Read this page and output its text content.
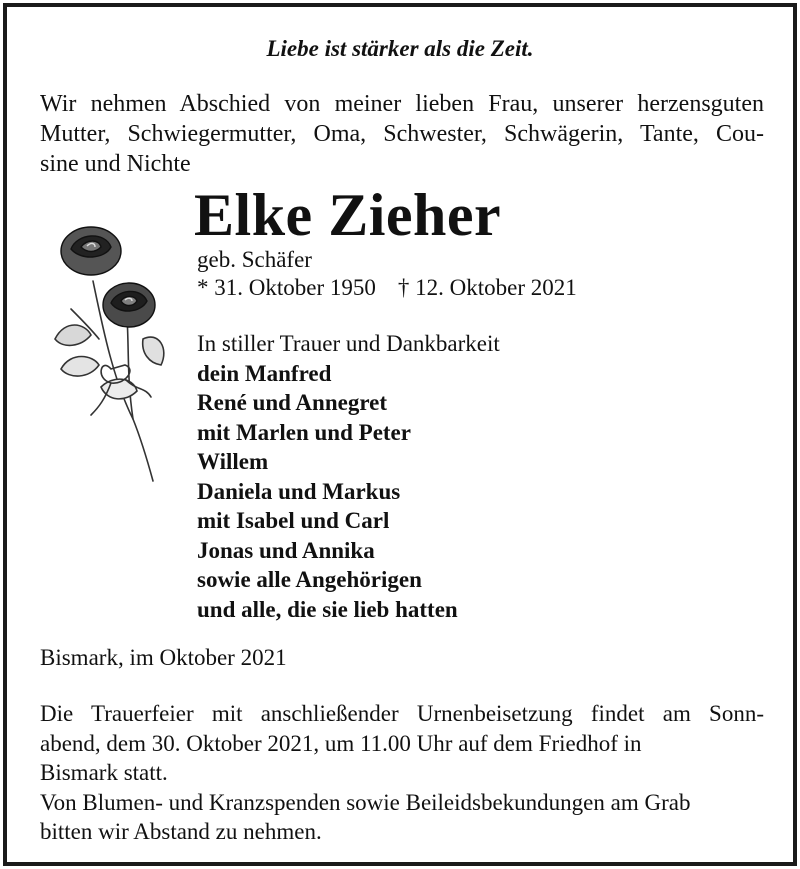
Liebe ist stärker als die Zeit.
Wir nehmen Abschied von meiner lieben Frau, unserer herzensguten
Mutter, Schwiegermutter, Oma, Schwester, Schwägerin, Tante, Cou-
sine und Nichte
Elke Zieher
geb. Schäfer
* 31. Oktober 1950 † 12. Oktober 2021
In stiller Trauer und Dankbarkeit
dein Manfred
René und Annegret
mit Marlen und Peter
Willem
Daniela und Markus
mit Isabel und Carl
Jonas und Annika
sowie alle Angehörigen
und alle, die sie lieb hatten
Bismark, im Oktober 2021
Die Trauerfeier mit anschließender Urnenbeisetzung findet am Sonn-
abend, dem 30. Oktober 2021, um 11.00 Uhr auf dem Friedhof in
Bismark statt.
Von Blumen- und Kranzspenden sowie Beileidsbekundungen am Grab
bitten wir Abstand zu nehmen.
